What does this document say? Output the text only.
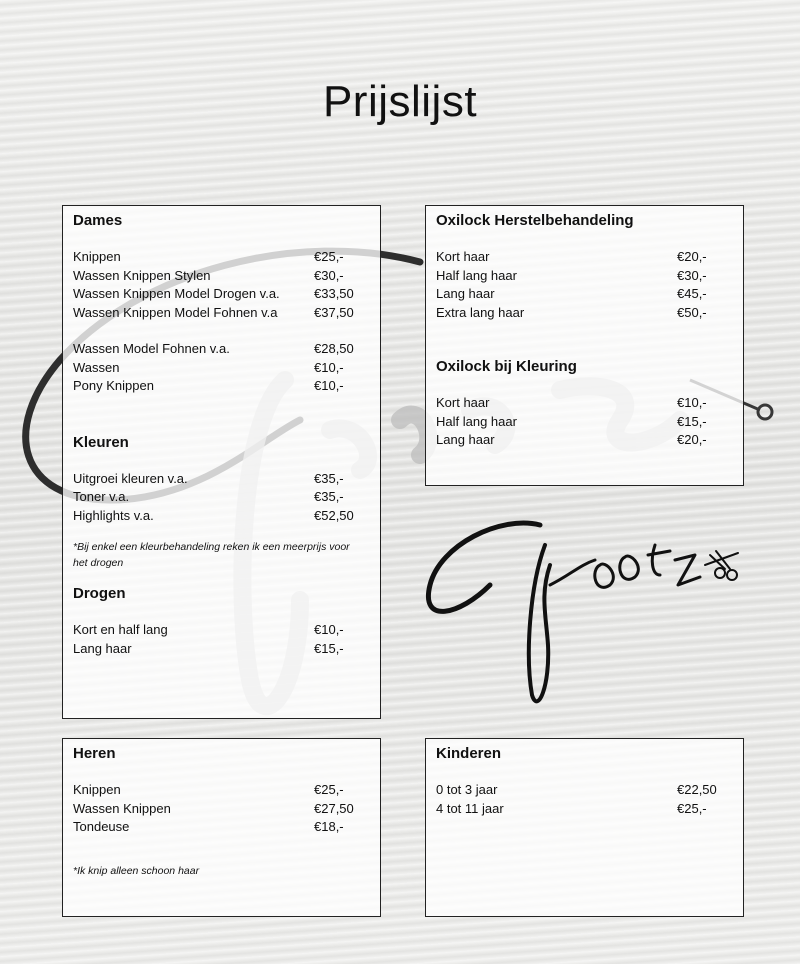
Prijslijst
Dames
Knippen	€25,-
Wassen Knippen Stylen	€30,-
Wassen Knippen Model Drogen v.a.	€33,50
Wassen Knippen Model Fohnen v.a	€37,50
Wassen Model Fohnen v.a.	€28,50
Wassen	€10,-
Pony Knippen	€10,-
Kleuren
Uitgroei kleuren v.a.	€35,-
Toner v.a.	€35,-
Highlights v.a.	€52,50

*Bij enkel een kleurbehandeling reken ik een meerprijs voor het drogen

Drogen
Kort en half lang	€10,-
Lang haar	€15,-
Oxilock Herstelbehandeling
Kort haar	€20,-
Half lang haar	€30,-
Lang haar	€45,-
Extra lang haar	€50,-
Oxilock bij Kleuring
Kort haar	€10,-
Half lang haar	€15,-
Lang haar	€20,-
Heren
Knippen	€25,-
Wassen Knippen	€27,50
Tondeuse	€18,-

*Ik knip alleen schoon haar

Kinderen
0 tot 3 jaar	€22,50
4 tot 11 jaar	€25,-
